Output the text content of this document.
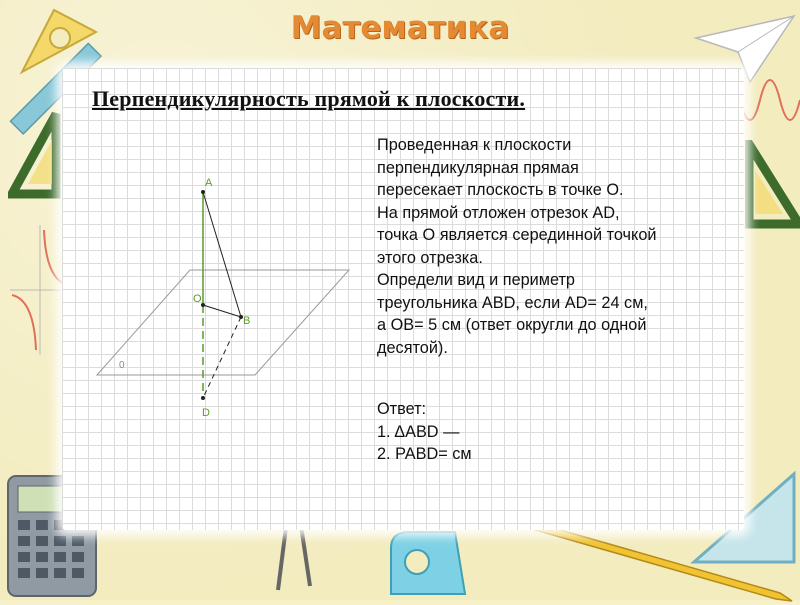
Математика
Перпендикулярность прямой к плоскости.
A
O
B
D
0
Проведенная к плоскости
перпендикулярная прямая
пересекает плоскость в точке О.
На прямой отложен отрезок AD,
точка О является серединной точкой
этого отрезка.
Определи вид и периметр
треугольника ABD, если AD= 24 см,
а OB= 5 см (ответ округли до одной
десятой).
Ответ:
1. ΔABD —
2. PABD= см
